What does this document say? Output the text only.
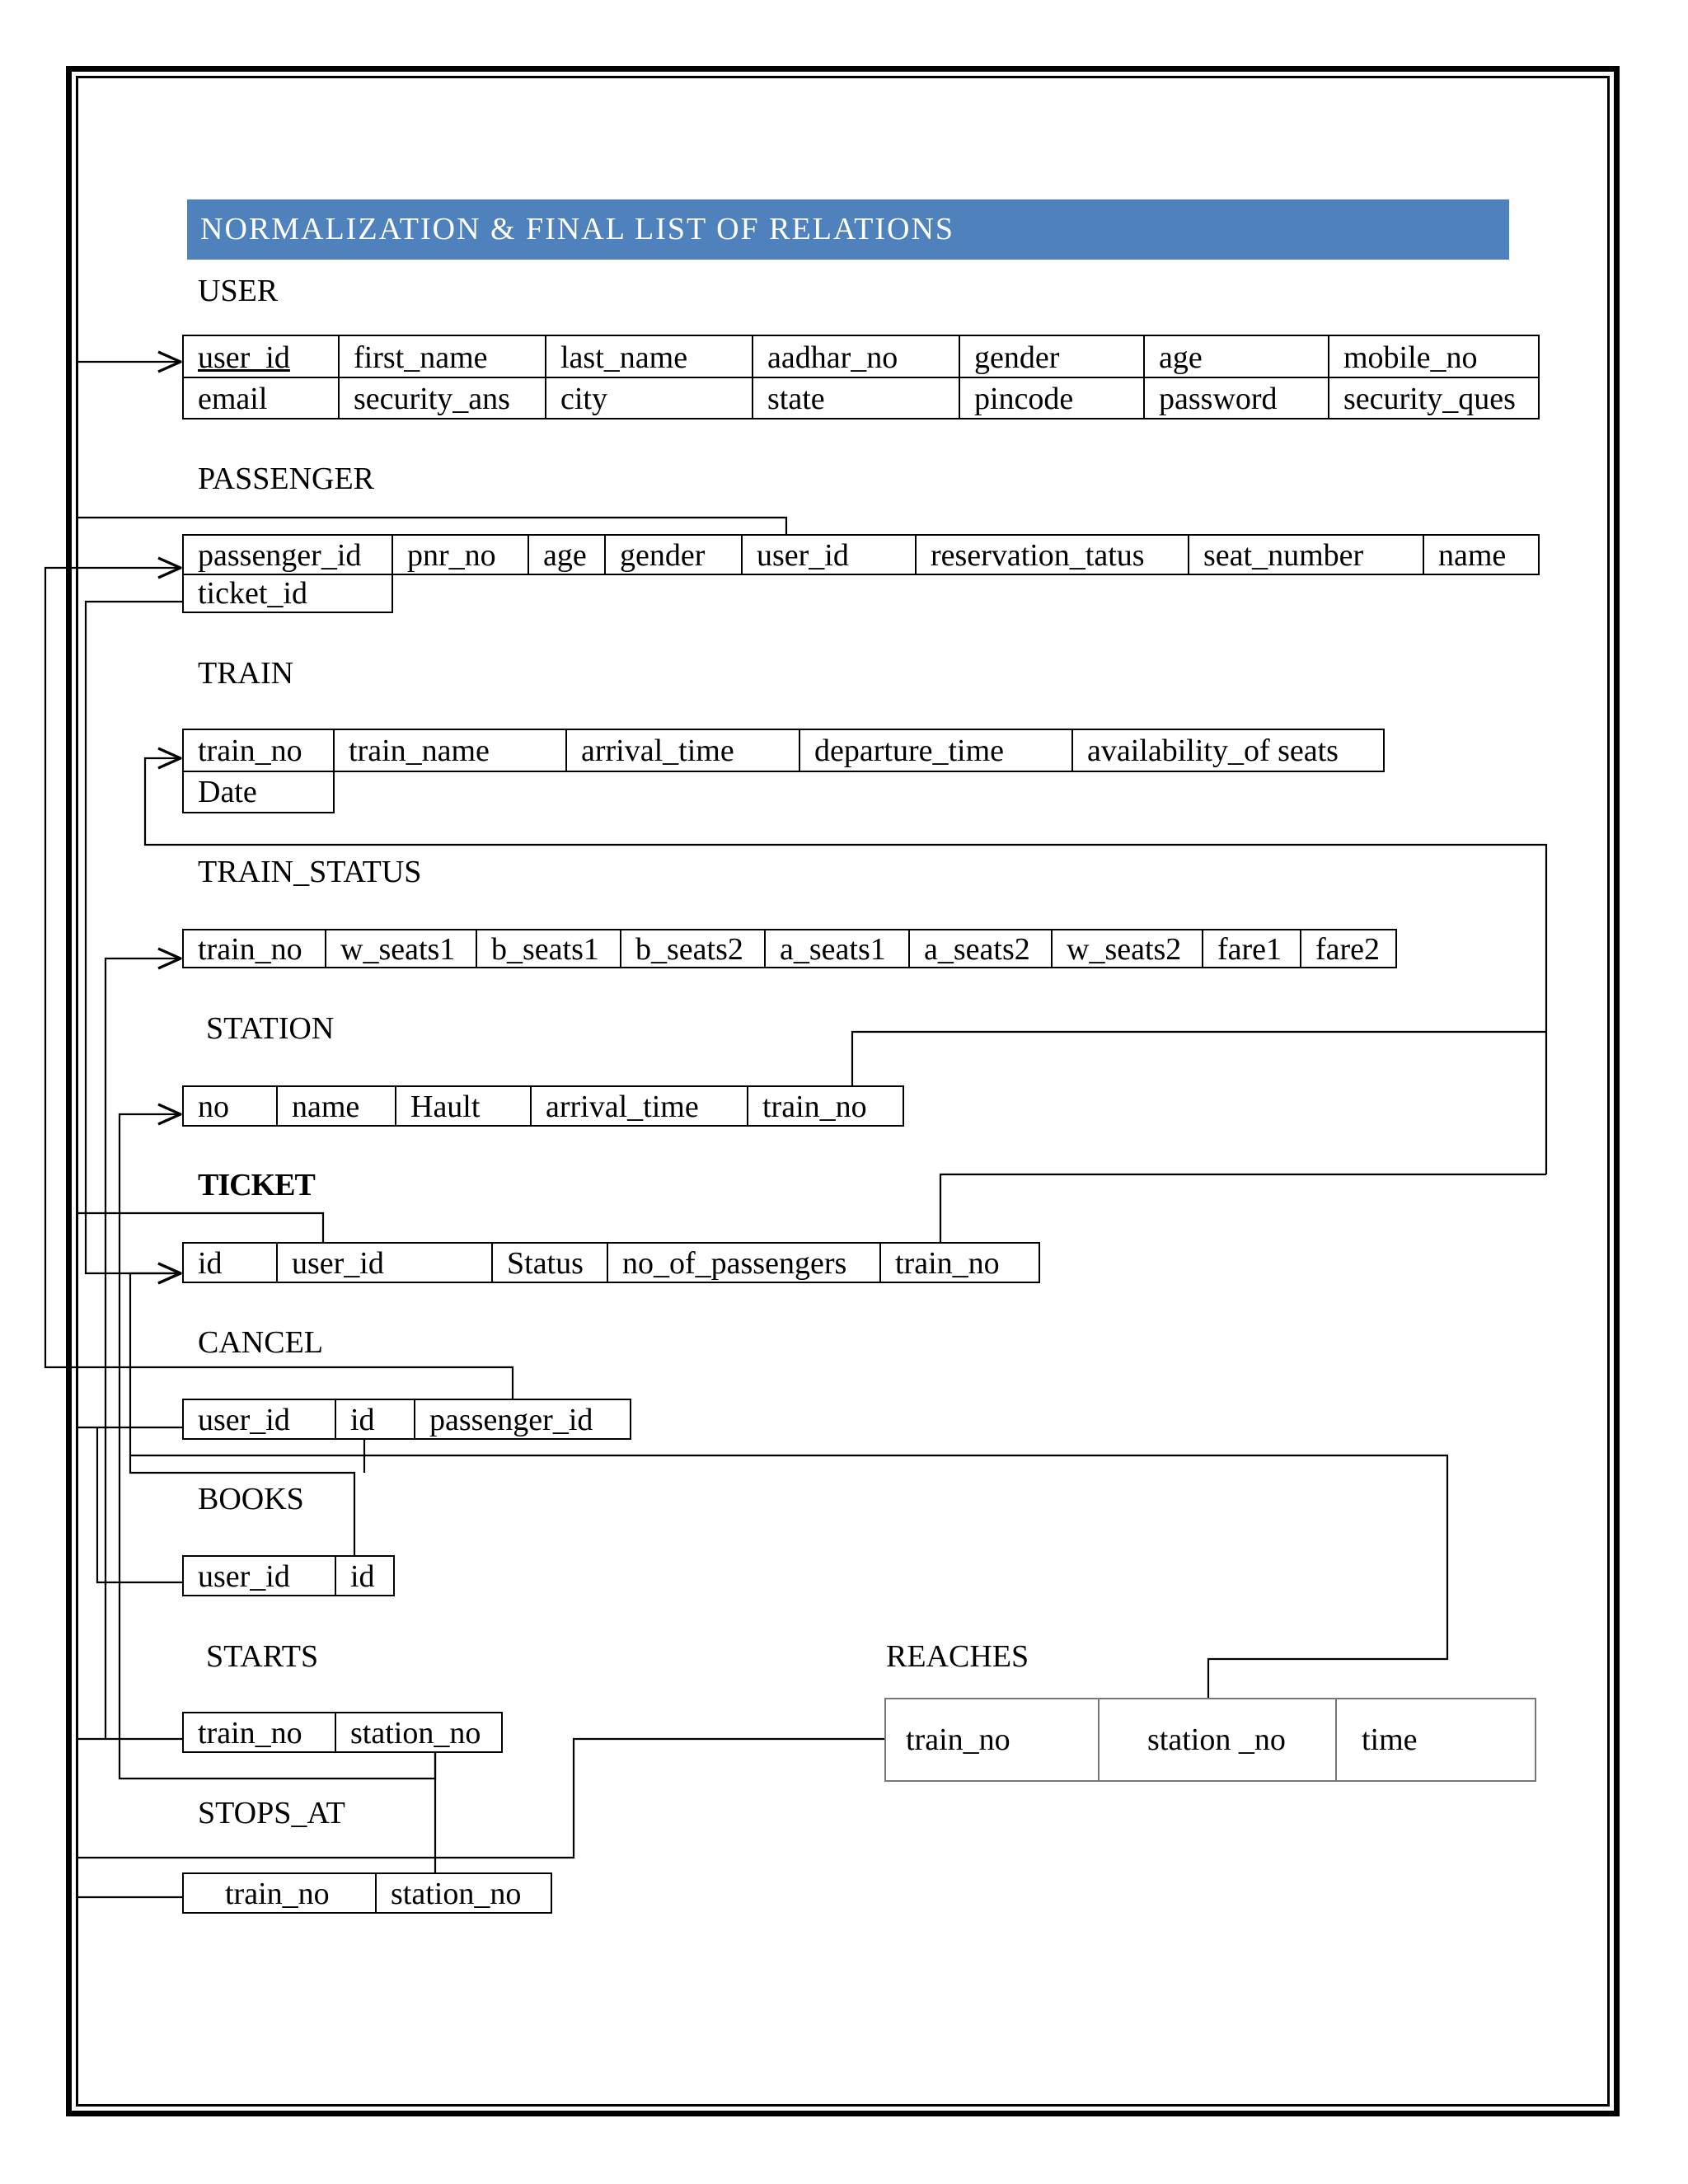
NORMALIZATION & FINAL LIST OF RELATIONS
USER
user_id	first_name	last_name	aadhar_no	gender	age	mobile_no
email	security_ans	city	state	pincode	password	security_ques
PASSENGER
passenger_id	pnr_no	age	gender	user_id	reservation_tatus	seat_number	name
ticket_id
TRAIN
train_no	train_name	arrival_time	departure_time	availability_of seats
Date
TRAIN_STATUS
train_no	w_seats1	b_seats1	b_seats2	a_seats1	a_seats2	w_seats2	fare1	fare2
STATION
no	name	Hault	arrival_time	train_no
TICKET
id	user_id	Status	no_of_passengers	train_no
CANCEL
user_id	id	passenger_id
BOOKS
user_id	id
STARTS
train_no	station_no
REACHES
train_no	station _no	time
STOPS_AT
train_no	station_no
